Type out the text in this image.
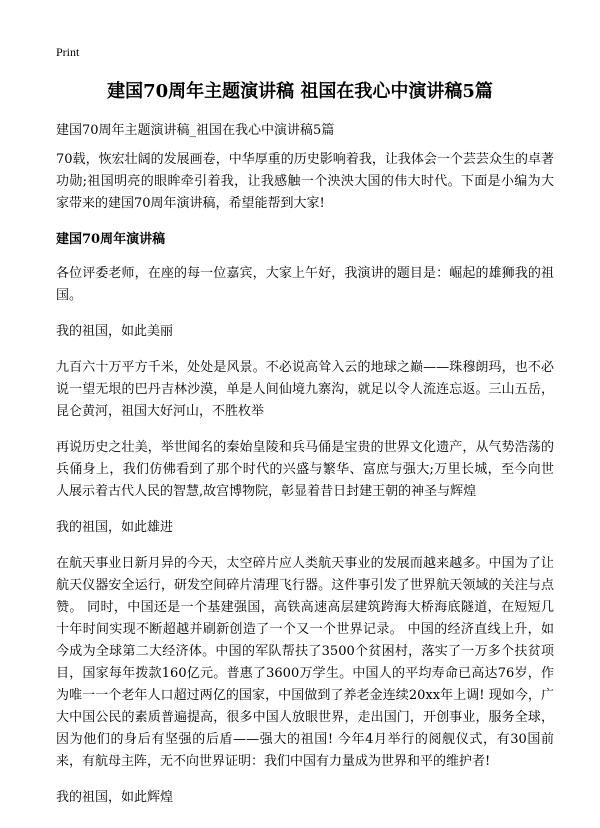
Print
建国70周年主题演讲稿 祖国在我心中演讲稿5篇

建国70周年主题演讲稿_祖国在我心中演讲稿5篇

70载，恢宏壮阔的发展画卷，中华厚重的历史影响着我，让我体会一个芸芸众生的卓著功勋;祖国明亮的眼眸牵引着我，让我感触一个泱泱大国的伟大时代。下面是小编为大家带来的建国70周年演讲稿，希望能帮到大家!

建国70周年演讲稿

各位评委老师，在座的每一位嘉宾，大家上午好，我演讲的题目是：崛起的雄狮我的祖国。

我的祖国，如此美丽

九百六十万平方千米，处处是风景。不必说高耸入云的地球之巅——珠穆朗玛，也不必说一望无垠的巴丹吉林沙漠，单是人间仙境九寨沟，就足以令人流连忘返。三山五岳，昆仑黄河，祖国大好河山，不胜枚举

再说历史之壮美，举世闻名的秦始皇陵和兵马俑是宝贵的世界文化遗产，从气势浩荡的兵俑身上，我们仿佛看到了那个时代的兴盛与繁华、富庶与强大;万里长城，至今向世人展示着古代人民的智慧,故宫博物院，彰显着昔日封建王朝的神圣与辉煌

我的祖国，如此雄进

在航天事业日新月异的今天，太空碎片应人类航天事业的发展而越来越多。中国为了让航天仪器安全运行，研发空间碎片清理飞行器。这件事引发了世界航天领域的关注与点赞。 同时，中国还是一个基建强国，高铁高速高层建筑跨海大桥海底隧道，在短短几十年时间实现不断超越并刷新创造了一个又一个世界记录。 中国的经济直线上升，如今成为全球第二大经济体。中国的军队帮扶了3500个贫困村，落实了一万多个扶贫项目，国家每年拨款160亿元。普惠了3600万学生。中国人的平均寿命已高达76岁，作为唯一一个老年人口超过两亿的国家，中国做到了养老金连续20xx年上调! 现如今，广大中国公民的素质普遍提高，很多中国人放眼世界，走出国门，开创事业，服务全球，因为他们的身后有坚强的后盾——强大的祖国! 今年4月举行的阅舰仪式，有30国前来，有航母主阵，无不向世界证明：我们中国有力量成为世界和平的维护者!

我的祖国，如此辉煌
